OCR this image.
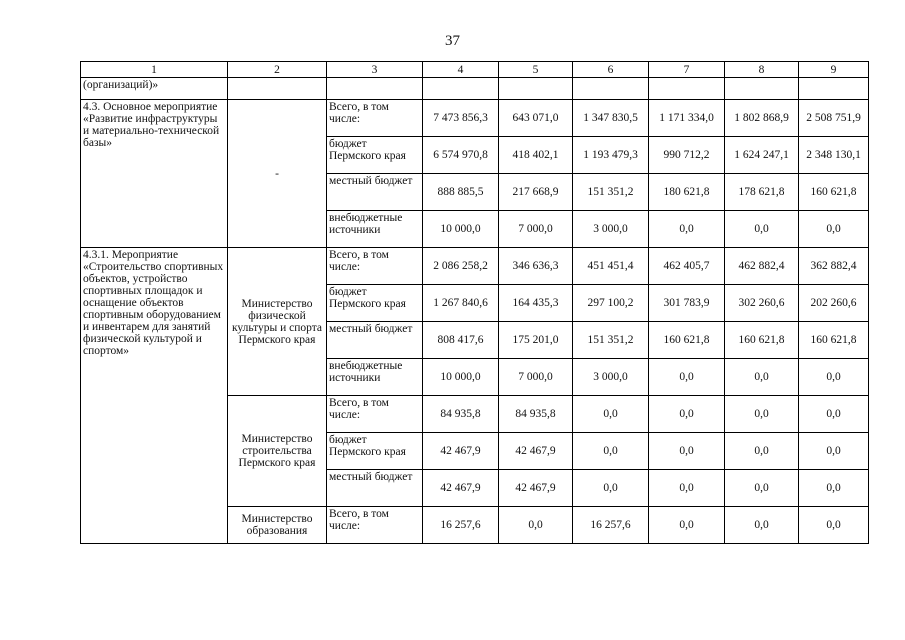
37
1	2	3	4	5	6	7	8	9
(организаций)»								
4.3. Основное мероприятие «Развитие инфраструктуры и материально-технической базы»	-	Всего, в том числе:	7 473 856,3	643 071,0	1 347 830,5	1 171 334,0	1 802 868,9	2 508 751,9
		бюджет Пермского края	6 574 970,8	418 402,1	1 193 479,3	990 712,2	1 624 247,1	2 348 130,1
		местный бюджет	888 885,5	217 668,9	151 351,2	180 621,8	178 621,8	160 621,8
		внебюджетные источники	10 000,0	7 000,0	3 000,0	0,0	0,0	0,0
4.3.1. Мероприятие «Строительство спортивных объектов, устройство спортивных площадок и оснащение объектов спортивным оборудованием и инвентарем для занятий физической культурой и спортом»	Министерство физической культуры и спорта Пермского края	Всего, в том числе:	2 086 258,2	346 636,3	451 451,4	462 405,7	462 882,4	362 882,4
		бюджет Пермского края	1 267 840,6	164 435,3	297 100,2	301 783,9	302 260,6	202 260,6
		местный бюджет	808 417,6	175 201,0	151 351,2	160 621,8	160 621,8	160 621,8
		внебюджетные источники	10 000,0	7 000,0	3 000,0	0,0	0,0	0,0
	Министерство строительства Пермского края	Всего, в том числе:	84 935,8	84 935,8	0,0	0,0	0,0	0,0
		бюджет Пермского края	42 467,9	42 467,9	0,0	0,0	0,0	0,0
		местный бюджет	42 467,9	42 467,9	0,0	0,0	0,0	0,0
	Министерство образования	Всего, в том числе:	16 257,6	0,0	16 257,6	0,0	0,0	0,0
